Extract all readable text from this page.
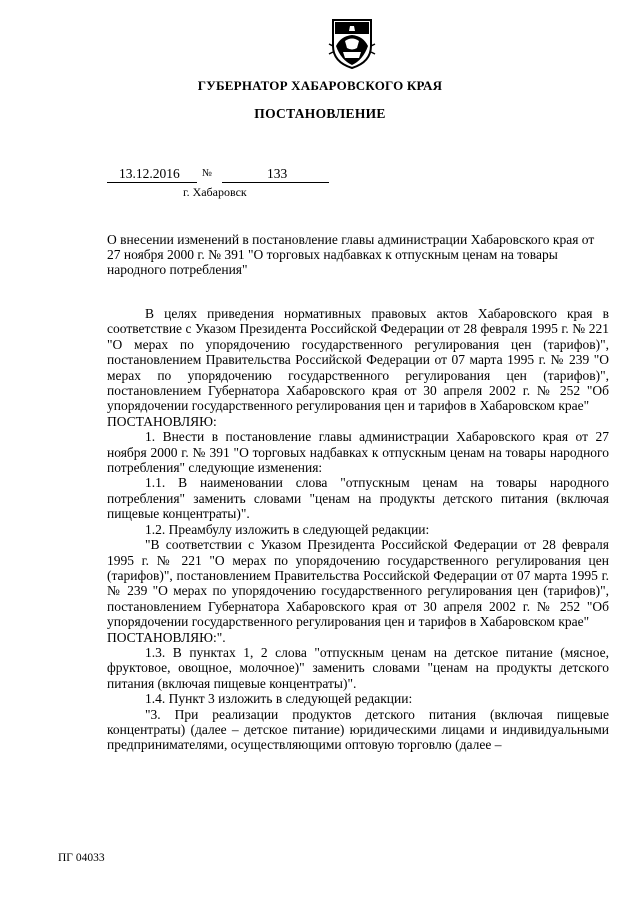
ГУБЕРНАТОР ХАБАРОВСКОГО КРАЯ
ПОСТАНОВЛЕНИЕ
13.12.2016 №	133
г. Хабаровск
О внесении изменений в постановление главы администрации Хабаровского края от 27 ноября 2000 г. № 391 "О торговых надбавках к отпускным ценам на товары народного потребления"

В целях приведения нормативных правовых актов Хабаровского края в соответствие с Указом Президента Российской Федерации от 28 февраля 1995 г. № 221 "О мерах по упорядочению государственного регулирования цен (тарифов)", постановлением Правительства Российской Федерации от 07 марта 1995 г. № 239 "О мерах по упорядочению государственного регулирования цен (тарифов)", постановлением Губернатора Хабаровского края от 30 апреля 2002 г. № 252 "Об упорядочении государственного регулирования цен и тарифов в Хабаровском крае"

ПОСТАНОВЛЯЮ:

1. Внести в постановление главы администрации Хабаровского края от 27 ноября 2000 г. № 391 "О торговых надбавках к отпускным ценам на товары народного потребления" следующие изменения:

1.1. В наименовании слова "отпускным ценам на товары народного потребления" заменить словами "ценам на продукты детского питания (включая пищевые концентраты)".

1.2. Преамбулу изложить в следующей редакции:

"В соответствии с Указом Президента Российской Федерации от 28 февраля 1995 г. № 221 "О мерах по упорядочению государственного регулирования цен (тарифов)", постановлением Правительства Российской Федерации от 07 марта 1995 г. № 239 "О мерах по упорядочению государственного регулирования цен (тарифов)", постановлением Губернатора Хабаровского края от 30 апреля 2002 г. № 252 "Об упорядочении государственного регулирования цен и тарифов в Хабаровском крае"

ПОСТАНОВЛЯЮ:".

1.3. В пунктах 1, 2 слова "отпускным ценам на детское питание (мясное, фруктовое, овощное, молочное)" заменить словами "ценам на продукты детского питания (включая пищевые концентраты)".

1.4. Пункт 3 изложить в следующей редакции:

"3. При реализации продуктов детского питания (включая пищевые концентраты) (далее – детское питание) юридическими лицами и индивидуальными предпринимателями, осуществляющими оптовую торговлю (далее –

ПГ 04033
